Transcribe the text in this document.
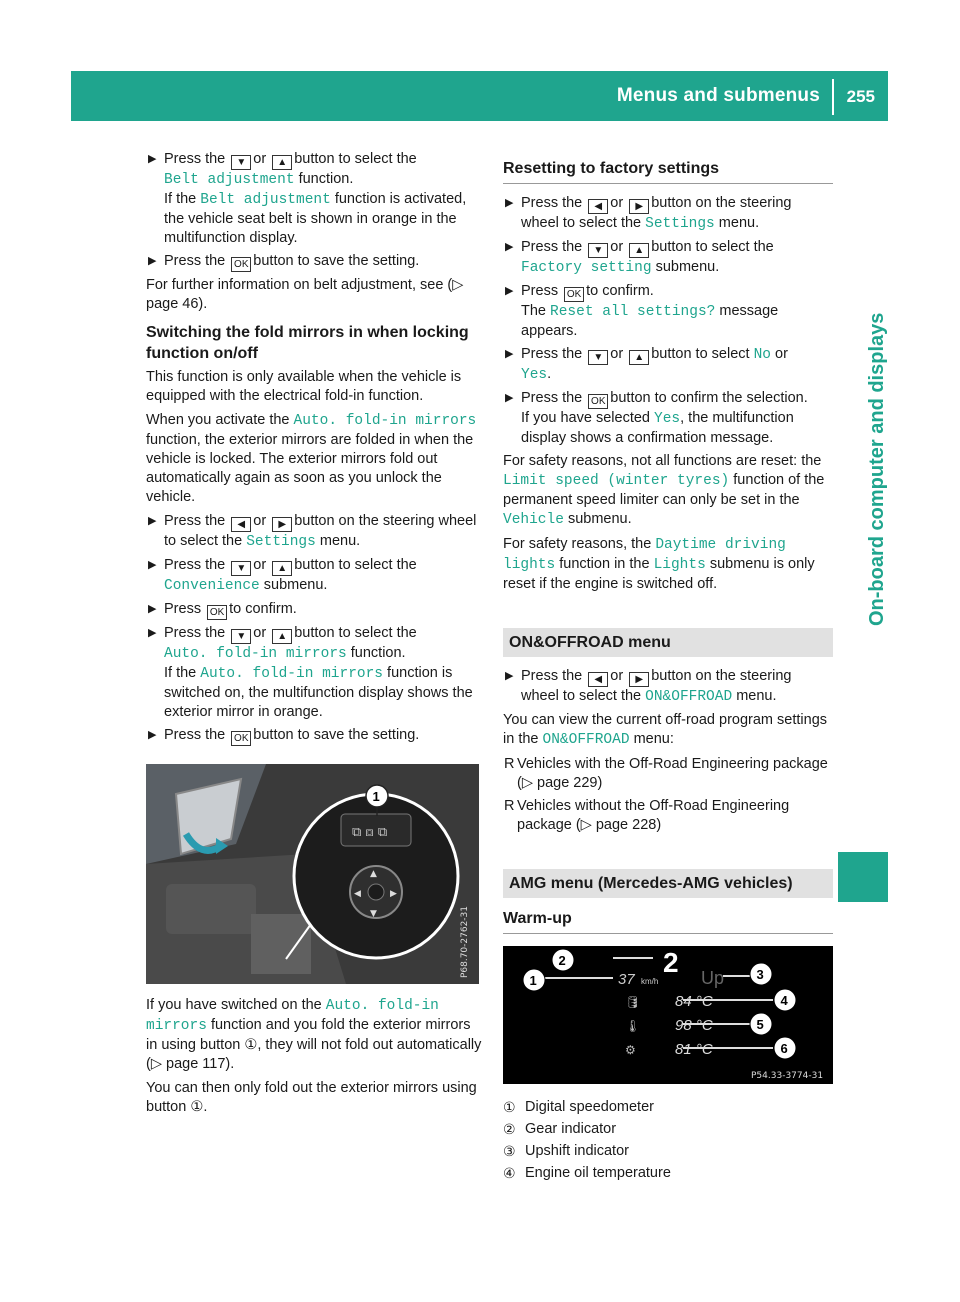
Menus and submenus 255
On-board computer and displays
▶ Press the ▼ or ▲ button to select the
Belt adjustment function.
If the Belt adjustment function is activated, the vehicle seat belt is shown in orange in the multifunction display.
▶ Press the OK button to save the setting.

For further information on belt adjustment, see (▷ page 46).

Switching the fold mirrors in when locking function on/off

This function is only available when the vehicle is equipped with the electrical fold-in function.

When you activate the Auto. fold-in mirrors function, the exterior mirrors are folded in when the vehicle is locked. The exterior mirrors fold out automatically again as soon as you unlock the vehicle.

▶ Press the ◀ or ▶ button on the steering wheel to select the Settings menu.
▶ Press the ▼ or ▲ button to select the
Convenience submenu.
▶ Press OK to confirm.
▶ Press the ▼ or ▲ button to select the
Auto. fold-in mirrors function.
If the Auto. fold-in mirrors function is switched on, the multifunction display shows the exterior mirror in orange.
▶ Press the OK button to save the setting.
⧉ ⧈ ⧉
▲
▼
◀	▶
1
P68.70-2762-31

If you have switched on the Auto. fold-in mirrors function and you fold the exterior mirrors in using button ①, they will not fold out automatically (▷ page 117).

You can then only fold out the exterior mirrors using button ①.

Resetting to factory settings
▶ Press the ◀ or ▶ button on the steering wheel to select the Settings menu.
▶ Press the ▼ or ▲ button to select the
Factory setting submenu.
▶ Press OK to confirm.
The Reset all settings? message appears.
▶ Press the ▼ or ▲ button to select No or
Yes.
▶ Press the OK button to confirm the selection.
If you have selected Yes, the multifunction display shows a confirmation message.

For safety reasons, not all functions are reset: the Limit speed (winter tyres) function of the permanent speed limiter can only be set in the Vehicle submenu.

For safety reasons, the Daytime driving lights function in the Lights submenu is only reset if the engine is switched off.

ON&OFFROAD menu
▶ Press the ◀ or ▶ button on the steering wheel to select the ON&OFFROAD menu.

You can view the current off-road program settings in the ON&OFFROAD menu:

R Vehicles with the Off-Road Engineering package (▷ page 229)
R Vehicles without the Off-Road Engineering package (▷ page 228)
AMG menu (Mercedes-AMG vehicles)
Warm-up
37 km/h
2 Up
🛢 84 °C
🌡 98 °C
⚙	81 °C
1
2
3
4
5
6
P54.33-3774-31
① Digital speedometer
② Gear indicator
③ Upshift indicator
④ Engine oil temperature
